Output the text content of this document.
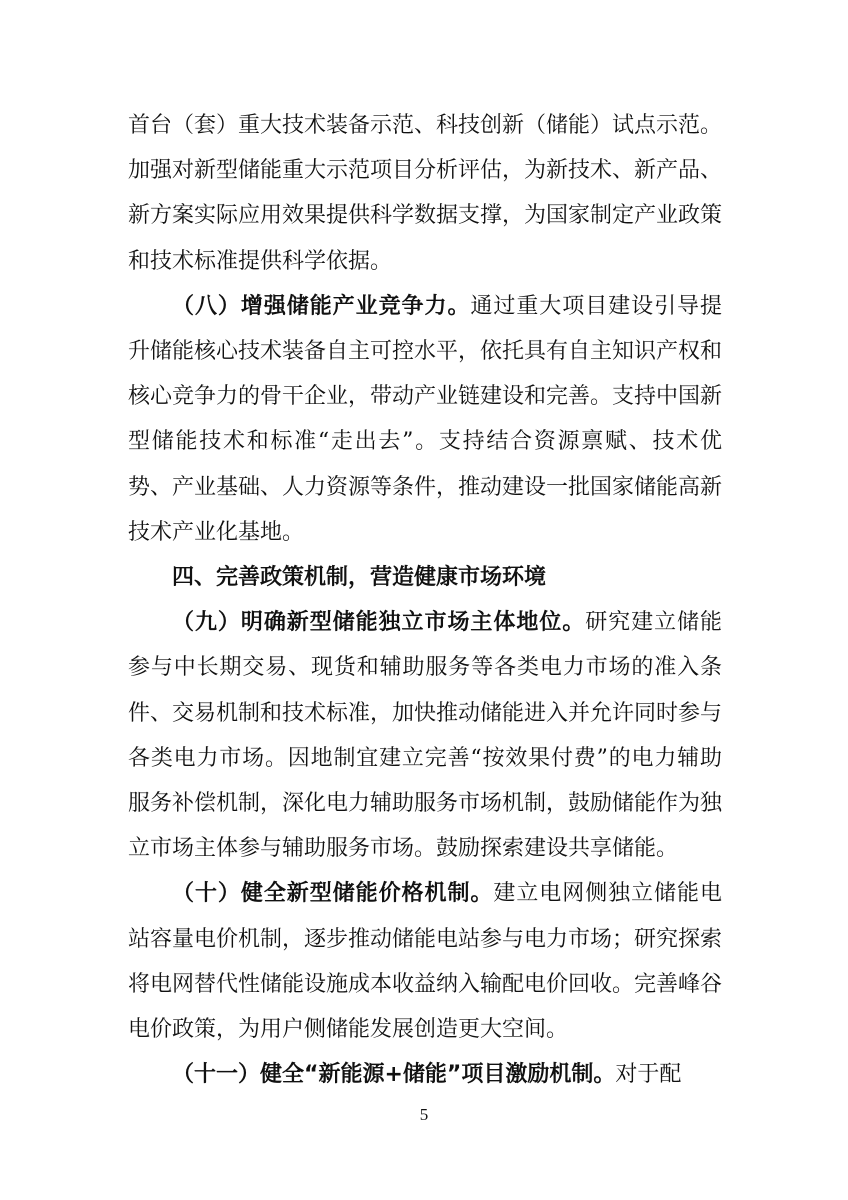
首台（套）重大技术装备示范、科技创新（储能）试点示范。加强对新型储能重大示范项目分析评估，为新技术、新产品、新方案实际应用效果提供科学数据支撑，为国家制定产业政策和技术标准提供科学依据。

（八）增强储能产业竞争力。通过重大项目建设引导提升储能核心技术装备自主可控水平，依托具有自主知识产权和核心竞争力的骨干企业，带动产业链建设和完善。支持中国新型储能技术和标准“走出去”。支持结合资源禀赋、技术优势、产业基础、人力资源等条件，推动建设一批国家储能高新技术产业化基地。

四、完善政策机制，营造健康市场环境

（九）明确新型储能独立市场主体地位。研究建立储能参与中长期交易、现货和辅助服务等各类电力市场的准入条件、交易机制和技术标准，加快推动储能进入并允许同时参与各类电力市场。因地制宜建立完善“按效果付费”的电力辅助服务补偿机制，深化电力辅助服务市场机制，鼓励储能作为独立市场主体参与辅助服务市场。鼓励探索建设共享储能。

（十）健全新型储能价格机制。建立电网侧独立储能电站容量电价机制，逐步推动储能电站参与电力市场；研究探索将电网替代性储能设施成本收益纳入输配电价回收。完善峰谷电价政策，为用户侧储能发展创造更大空间。

（十一）健全“新能源+储能”项目激励机制。对于配

5
